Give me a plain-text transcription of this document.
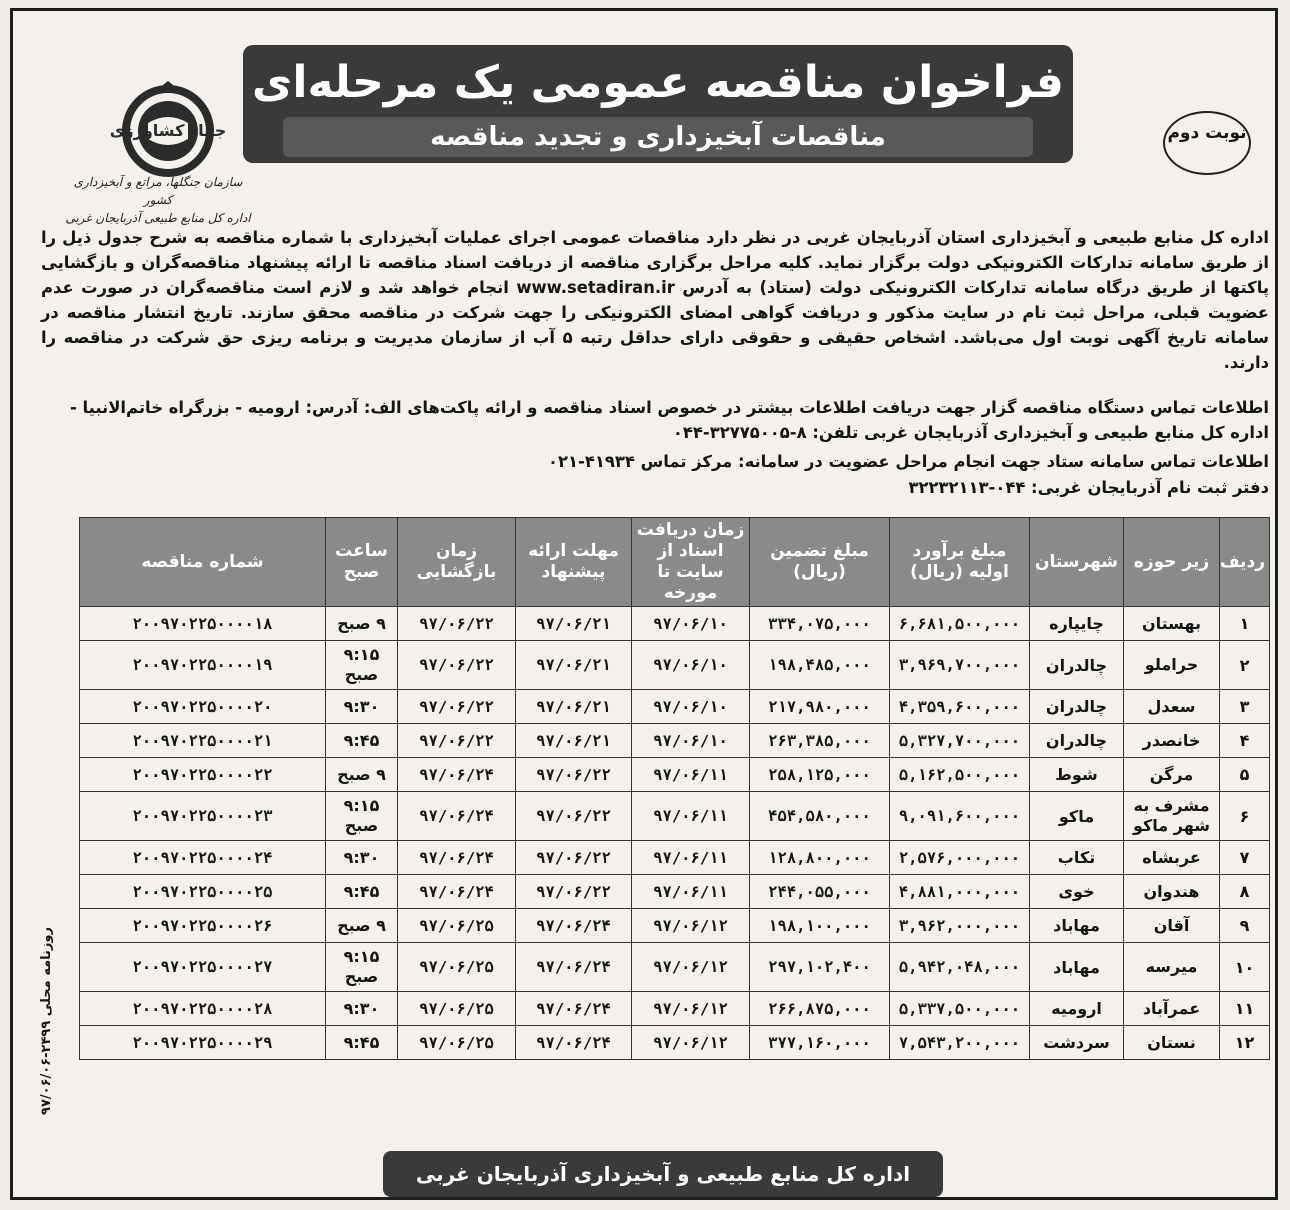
فراخوان مناقصه عمومی یک مرحله‌ای
مناقصات آبخیزداری و تجدید مناقصه	نوبت دوم
جهاد کشاورزی
سازمان جنگلها، مراتع و آبخیزداری کشور
اداره کل منابع طبیعی آذربایجان غربی

اداره کل منابع طبیعی و آبخیزداری استان آذربایجان غربی در نظر دارد مناقصات عمومی اجرای عملیات آبخیزداری با شماره مناقصه به شرح جدول ذیل را از طریق سامانه تدارکات الکترونیکی دولت برگزار نماید. کلیه مراحل برگزاری مناقصه از دریافت اسناد مناقصه تا ارائه پیشنهاد مناقصه‌گران و بازگشایی پاکتها از طریق درگاه سامانه تدارکات الکترونیکی دولت (ستاد) به آدرس www.setadiran.ir انجام خواهد شد و لازم است مناقصه‌گران در صورت عدم عضویت قبلی، مراحل ثبت نام در سایت مذکور و دریافت گواهی امضای الکترونیکی را جهت شرکت در مناقصه محقق سازند. تاریخ انتشار مناقصه در سامانه تاریخ آگهی نوبت اول می‌باشد. اشخاص حقیقی و حقوقی دارای حداقل رتبه ۵ آب از سازمان مدیریت و برنامه ریزی حق شرکت در مناقصه را دارند.

اطلاعات تماس دستگاه مناقصه گزار جهت دریافت اطلاعات بیشتر در خصوص اسناد مناقصه و ارائه پاکت‌های الف: آدرس: ارومیه - بزرگراه خاتم‌الانبیا - اداره کل منابع طبیعی و آبخیزداری آذربایجان غربی تلفن: ۸-۳۲۷۷۵۰۰۵-۰۴۴
اطلاعات تماس سامانه ستاد جهت انجام مراحل عضویت در سامانه: مرکز تماس ۴۱۹۳۴-۰۲۱
دفتر ثبت نام آذربایجان غربی: ۰۴۴-۳۲۲۳۲۱۱۳
ردیف	زیر حوزه	شهرستان	مبلغ برآورد اولیه (ریال)	مبلغ تضمین (ریال)	زمان دریافت اسناد از سایت تا مورخه	مهلت ارائه پیشنهاد	زمان بازگشایی	ساعت صبح	شماره مناقصه
۱	بهستان	چایپاره	۶,۶۸۱,۵۰۰,۰۰۰	۳۳۴,۰۷۵,۰۰۰	۹۷/۰۶/۱۰	۹۷/۰۶/۲۱	۹۷/۰۶/۲۲	۹ صبح	۲۰۰۹۷۰۲۲۵۰۰۰۰۱۸
۲	حراملو	چالدران	۳,۹۶۹,۷۰۰,۰۰۰	۱۹۸,۴۸۵,۰۰۰	۹۷/۰۶/۱۰	۹۷/۰۶/۲۱	۹۷/۰۶/۲۲	۹:۱۵ صبح	۲۰۰۹۷۰۲۲۵۰۰۰۰۱۹
۳	سعدل	چالدران	۴,۳۵۹,۶۰۰,۰۰۰	۲۱۷,۹۸۰,۰۰۰	۹۷/۰۶/۱۰	۹۷/۰۶/۲۱	۹۷/۰۶/۲۲	۹:۳۰	۲۰۰۹۷۰۲۲۵۰۰۰۰۲۰
۴	خانصدر	چالدران	۵,۳۲۷,۷۰۰,۰۰۰	۲۶۳,۳۸۵,۰۰۰	۹۷/۰۶/۱۰	۹۷/۰۶/۲۱	۹۷/۰۶/۲۲	۹:۴۵	۲۰۰۹۷۰۲۲۵۰۰۰۰۲۱
۵	مرگن	شوط	۵,۱۶۲,۵۰۰,۰۰۰	۲۵۸,۱۲۵,۰۰۰	۹۷/۰۶/۱۱	۹۷/۰۶/۲۲	۹۷/۰۶/۲۴	۹ صبح	۲۰۰۹۷۰۲۲۵۰۰۰۰۲۲
۶	مشرف به شهر ماکو	ماکو	۹,۰۹۱,۶۰۰,۰۰۰	۴۵۴,۵۸۰,۰۰۰	۹۷/۰۶/۱۱	۹۷/۰۶/۲۲	۹۷/۰۶/۲۴	۹:۱۵ صبح	۲۰۰۹۷۰۲۲۵۰۰۰۰۲۳
۷	عربشاه	تکاب	۲,۵۷۶,۰۰۰,۰۰۰	۱۲۸,۸۰۰,۰۰۰	۹۷/۰۶/۱۱	۹۷/۰۶/۲۲	۹۷/۰۶/۲۴	۹:۳۰	۲۰۰۹۷۰۲۲۵۰۰۰۰۲۴
۸	هندوان	خوی	۴,۸۸۱,۰۰۰,۰۰۰	۲۴۴,۰۵۵,۰۰۰	۹۷/۰۶/۱۱	۹۷/۰۶/۲۲	۹۷/۰۶/۲۴	۹:۴۵	۲۰۰۹۷۰۲۲۵۰۰۰۰۲۵
۹	آقان	مهاباد	۳,۹۶۲,۰۰۰,۰۰۰	۱۹۸,۱۰۰,۰۰۰	۹۷/۰۶/۱۲	۹۷/۰۶/۲۴	۹۷/۰۶/۲۵	۹ صبح	۲۰۰۹۷۰۲۲۵۰۰۰۰۲۶
۱۰	میرسه	مهاباد	۵,۹۴۲,۰۴۸,۰۰۰	۲۹۷,۱۰۲,۴۰۰	۹۷/۰۶/۱۲	۹۷/۰۶/۲۴	۹۷/۰۶/۲۵	۹:۱۵ صبح	۲۰۰۹۷۰۲۲۵۰۰۰۰۲۷
۱۱	عمرآباد	ارومیه	۵,۳۳۷,۵۰۰,۰۰۰	۲۶۶,۸۷۵,۰۰۰	۹۷/۰۶/۱۲	۹۷/۰۶/۲۴	۹۷/۰۶/۲۵	۹:۳۰	۲۰۰۹۷۰۲۲۵۰۰۰۰۲۸
۱۲	نستان	سردشت	۷,۵۴۳,۲۰۰,۰۰۰	۳۷۷,۱۶۰,۰۰۰	۹۷/۰۶/۱۲	۹۷/۰۶/۲۴	۹۷/۰۶/۲۵	۹:۴۵	۲۰۰۹۷۰۲۲۵۰۰۰۰۲۹
اداره کل منابع طبیعی و آبخیزداری آذربایجان غربی
روزنامه محلی ۲۴۹۹-۹۷/۰۶/۰۶
